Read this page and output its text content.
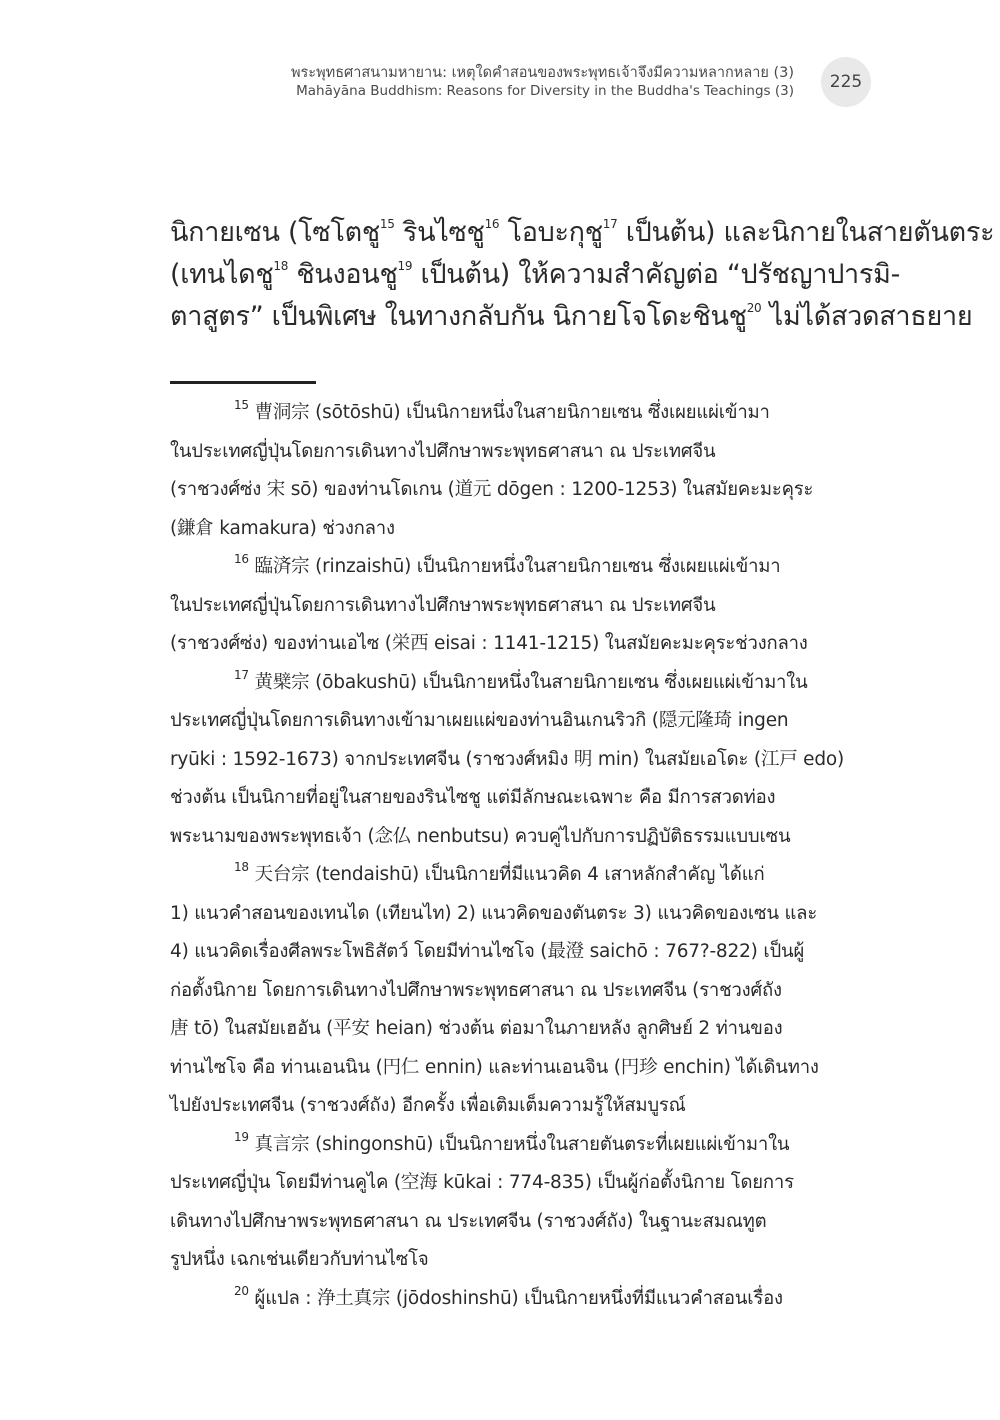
พระพุทธศาสนามหายาน: เหตุใดคำสอนของพระพุทธเจ้าจึงมีความหลากหลาย (3)
Mahāyāna Buddhism: Reasons for Diversity in the Buddha's Teachings (3)	225
นิกายเซน (โซโตชู$^{15}$ รินไซชู$^{16}$ โอบะกุชู$^{17}$ เป็นต้น) และนิกายในสายตันตระ
(เทนไดชู$^{18}$ ชินงอนชู$^{19}$ เป็นต้น) ให้ความสำคัญต่อ “ปรัชญาปารมิ-
ตาสูตร” เป็นพิเศษ ในทางกลับกัน นิกายโจโดะชินชู$^{20}$ ไม่ได้สวดสาธยาย
$^{15}$ 曹洞宗 (sōtōshū) เป็นนิกายหนึ่งในสายนิกายเซน ซึ่งเผยแผ่เข้ามา
ในประเทศญี่ปุ่นโดยการเดินทางไปศึกษาพระพุทธศาสนา ณ ประเทศจีน
(ราชวงศ์ซ่ง 宋 sō) ของท่านโดเกน (道元 dōgen : 1200-1253) ในสมัยคะมะคุระ
(鎌倉 kamakura) ช่วงกลาง
$^{16}$ 臨済宗 (rinzaishū) เป็นนิกายหนึ่งในสายนิกายเซน ซึ่งเผยแผ่เข้ามา
ในประเทศญี่ปุ่นโดยการเดินทางไปศึกษาพระพุทธศาสนา ณ ประเทศจีน
(ราชวงศ์ซ่ง) ของท่านเอไซ (栄西 eisai : 1141-1215) ในสมัยคะมะคุระช่วงกลาง
$^{17}$ 黄檗宗 (ōbakushū) เป็นนิกายหนึ่งในสายนิกายเซน ซึ่งเผยแผ่เข้ามาใน
ประเทศญี่ปุ่นโดยการเดินทางเข้ามาเผยแผ่ของท่านอินเกนริวกิ (隠元隆琦 ingen
ryūki : 1592-1673) จากประเทศจีน (ราชวงศ์หมิง 明 min) ในสมัยเอโดะ (江戸 edo)
ช่วงต้น เป็นนิกายที่อยู่ในสายของรินไซชู แต่มีลักษณะเฉพาะ คือ มีการสวดท่อง
พระนามของพระพุทธเจ้า (念仏 nenbutsu) ควบคู่ไปกับการปฏิบัติธรรมแบบเซน
$^{18}$ 天台宗 (tendaishū) เป็นนิกายที่มีแนวคิด 4 เสาหลักสำคัญ ได้แก่
1) แนวคำสอนของเทนได (เทียนไท) 2) แนวคิดของตันตระ 3) แนวคิดของเซน และ
4) แนวคิดเรื่องศีลพระโพธิสัตว์ โดยมีท่านไซโจ (最澄 saichō : 767?-822) เป็นผู้
ก่อตั้งนิกาย โดยการเดินทางไปศึกษาพระพุทธศาสนา ณ ประเทศจีน (ราชวงศ์ถัง
唐 tō) ในสมัยเฮอัน (平安 heian) ช่วงต้น ต่อมาในภายหลัง ลูกศิษย์ 2 ท่านของ
ท่านไซโจ คือ ท่านเอนนิน (円仁 ennin) และท่านเอนจิน (円珍 enchin) ได้เดินทาง
ไปยังประเทศจีน (ราชวงศ์ถัง) อีกครั้ง เพื่อเติมเต็มความรู้ให้สมบูรณ์
$^{19}$ 真言宗 (shingonshū) เป็นนิกายหนึ่งในสายตันตระที่เผยแผ่เข้ามาใน
ประเทศญี่ปุ่น โดยมีท่านคูไค (空海 kūkai : 774-835) เป็นผู้ก่อตั้งนิกาย โดยการ
เดินทางไปศึกษาพระพุทธศาสนา ณ ประเทศจีน (ราชวงศ์ถัง) ในฐานะสมณทูต
รูปหนึ่ง เฉกเช่นเดียวกับท่านไซโจ
$^{20}$ ผู้แปล : 浄土真宗 (jōdoshinshū) เป็นนิกายหนึ่งที่มีแนวคำสอนเรื่อง
